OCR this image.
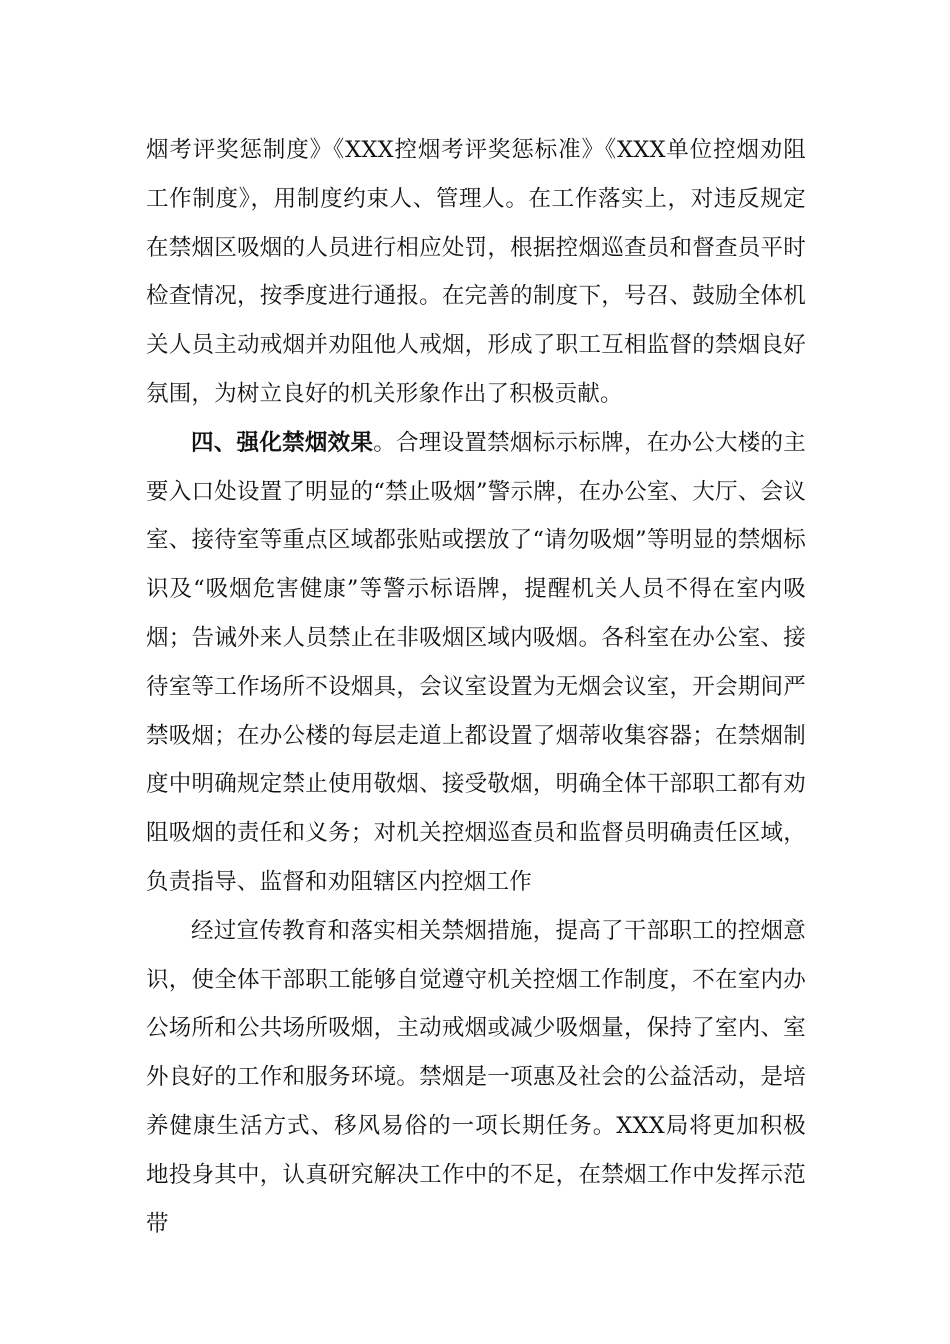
烟考评奖惩制度》《XXX控烟考评奖惩标准》《XXX单位控烟劝阻工作制度》，用制度约束人、管理人。在工作落实上，对违反规定在禁烟区吸烟的人员进行相应处罚，根据控烟巡查员和督查员平时检查情况，按季度进行通报。在完善的制度下，号召、鼓励全体机关人员主动戒烟并劝阻他人戒烟，形成了职工互相监督的禁烟良好氛围，为树立良好的机关形象作出了积极贡献。

四、强化禁烟效果。合理设置禁烟标示标牌，在办公大楼的主要入口处设置了明显的“禁止吸烟”警示牌，在办公室、大厅、会议室、接待室等重点区域都张贴或摆放了“请勿吸烟”等明显的禁烟标识及“吸烟危害健康”等警示标语牌，提醒机关人员不得在室内吸烟；告诫外来人员禁止在非吸烟区域内吸烟。各科室在办公室、接待室等工作场所不设烟具，会议室设置为无烟会议室，开会期间严禁吸烟；在办公楼的每层走道上都设置了烟蒂收集容器；在禁烟制度中明确规定禁止使用敬烟、接受敬烟，明确全体干部职工都有劝阻吸烟的责任和义务；对机关控烟巡查员和监督员明确责任区域，负责指导、监督和劝阻辖区内控烟工作

经过宣传教育和落实相关禁烟措施，提高了干部职工的控烟意识，使全体干部职工能够自觉遵守机关控烟工作制度，不在室内办公场所和公共场所吸烟，主动戒烟或减少吸烟量，保持了室内、室外良好的工作和服务环境。禁烟是一项惠及社会的公益活动，是培养健康生活方式、移风易俗的一项长期任务。XXX局将更加积极地投身其中，认真研究解决工作中的不足，在禁烟工作中发挥示范带
